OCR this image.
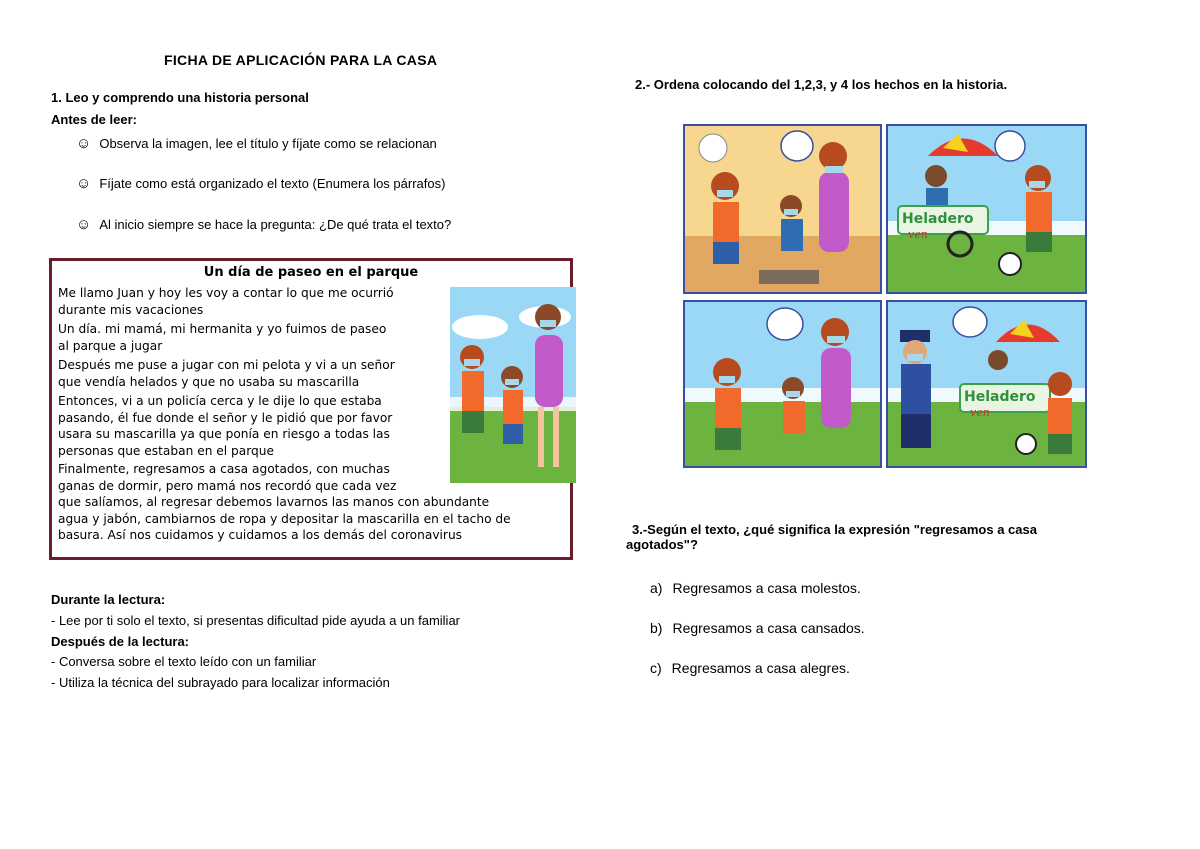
FICHA DE APLICACIÓN PARA LA CASA
1. Leo y comprendo una historia personal
Antes de leer:
☺ Observa la imagen, lee el título y fíjate como se relacionan
☺ Fíjate como está organizado el texto (Enumera los párrafos)
☺ Al inicio siempre se hace la pregunta: ¿De qué trata el texto?
Un día de paseo en el parque
Me llamo Juan y hoy les voy a contar lo que me ocurrió
durante mis vacaciones
Un día. mi mamá, mi hermanita y yo fuimos de paseo
al parque a jugar
Después me puse a jugar con mi pelota y vi a un señor
que vendía helados y que no usaba su mascarilla
Entonces, vi a un policía cerca y le dije lo que estaba
pasando, él fue donde el señor y le pidió que por favor
usara su mascarilla ya que ponía en riesgo a todas las
personas que estaban en el parque
Finalmente, regresamos a casa agotados, con muchas
ganas de dormir, pero mamá nos recordó que cada vez
que salíamos, al regresar debemos lavarnos las manos con abundante
agua y jabón, cambiarnos de ropa y depositar la mascarilla en el tacho de
basura. Así nos cuidamos y cuidamos a los demás del coronavirus
Durante la lectura:
- Lee por ti solo el texto, si presentas dificultad pide ayuda a un familiar
Después de la lectura:
- Conversa sobre el texto leído con un familiar
- Utiliza la técnica del subrayado para localizar información
2.- Ordena colocando del 1,2,3, y 4 los hechos en la historia.
Heladero
ven
Heladero
ven
3.-Según el texto, ¿qué significa la expresión "regresamos a casa
agotados"?
a) Regresamos a casa molestos.
b) Regresamos a casa cansados.
c) Regresamos a casa alegres.
